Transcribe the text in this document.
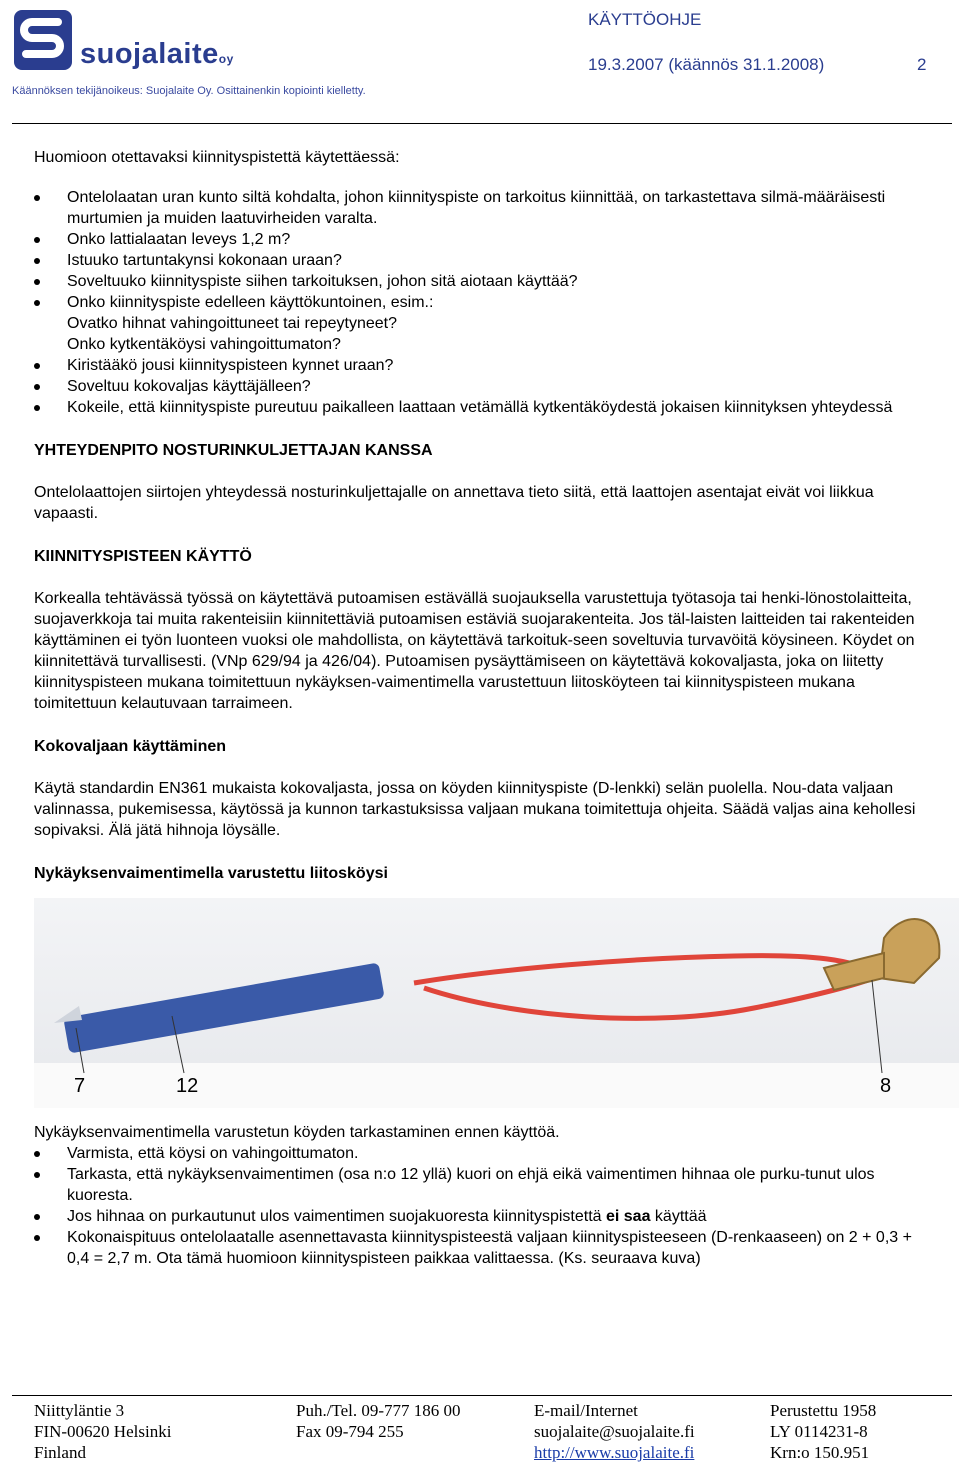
suojalaiteoy
Käännöksen tekijänoikeus: Suojalaite Oy. Osittainenkin kopiointi kielletty.
KÄYTTÖOHJE
19.3.2007 (käännös 31.1.2008)	2

Huomioon otettavaksi kiinnityspistettä käytettäessä:

Ontelolaatan uran kunto siltä kohdalta, johon kiinnityspiste on tarkoitus kiinnittää, on tarkastettava silmä-määräisesti murtumien ja muiden laatuvirheiden varalta.
Onko lattialaatan leveys 1,2 m?
Istuuko tartuntakynsi kokonaan uraan?
Soveltuuko kiinnityspiste siihen tarkoituksen, johon sitä aiotaan käyttää?
Onko kiinnityspiste edelleen käyttökuntoinen, esim.:
Ovatko hihnat vahingoittuneet tai repeytyneet?
Onko kytkentäköysi vahingoittumaton?
Kiristääkö jousi kiinnityspisteen kynnet uraan?
Soveltuu kokovaljas käyttäjälleen?
Kokeile, että kiinnityspiste pureutuu paikalleen laattaan vetämällä kytkentäköydestä jokaisen kiinnityksen yhteydessä

YHTEYDENPITO NOSTURINKULJETTAJAN KANSSA

Ontelolaattojen siirtojen yhteydessä nosturinkuljettajalle on annettava tieto siitä, että laattojen asentajat eivät voi liikkua vapaasti.

KIINNITYSPISTEEN KÄYTTÖ

Korkealla tehtävässä työssä on käytettävä putoamisen estävällä suojauksella varustettuja työtasoja tai henki-lönostolaitteita, suojaverkkoja tai muita rakenteisiin kiinnitettäviä putoamisen estäviä suojarakenteita. Jos täl-laisten laitteiden tai rakenteiden käyttäminen ei työn luonteen vuoksi ole mahdollista, on käytettävä tarkoituk-seen soveltuvia turvavöitä köysineen. Köydet on kiinnitettävä turvallisesti. (VNp 629/94 ja 426/04). Putoamisen pysäyttämiseen on käytettävä kokovaljasta, joka on liitetty kiinnityspisteen mukana toimitettuun nykäyksen-vaimentimella varustettuun liitosköyteen tai kiinnityspisteen mukana toimitettuun kelautuvaan tarraimeen.

Kokovaljaan käyttäminen

Käytä standardin EN361 mukaista kokovaljasta, jossa on köyden kiinnityspiste (D-lenkki) selän puolella. Nou-data valjaan valinnassa, pukemisessa, käytössä ja kunnon tarkastuksissa valjaan mukana toimitettuja ohjeita. Säädä valjas aina kehollesi sopivaksi. Älä jätä hihnoja löysälle.

Nykäyksenvaimentimella varustettu liitosköysi

7	12	8

Nykäyksenvaimentimella varustetun köyden tarkastaminen ennen käyttöä.

Varmista, että köysi on vahingoittumaton.
Tarkasta, että nykäyksenvaimentimen (osa n:o 12 yllä) kuori on ehjä eikä vaimentimen hihnaa ole purku-tunut ulos kuoresta.
Jos hihnaa on purkautunut ulos vaimentimen suojakuoresta kiinnityspistettä ei saa käyttää
Kokonaispituus ontelolaatalle asennettavasta kiinnityspisteestä valjaan kiinnityspisteeseen (D-renkaaseen) on 2 + 0,3 + 0,4 = 2,7 m. Ota tämä huomioon kiinnityspisteen paikkaa valittaessa. (Ks. seuraava kuva)
Niittyläntie 3
FIN-00620 Helsinki
Finland
Puh./Tel. 09-777 186 00
Fax 09-794 255
E-mail/Internet
suojalaite@suojalaite.fi
http://www.suojalaite.fi
Perustettu 1958
LY 0114231-8
Krn:o 150.951
